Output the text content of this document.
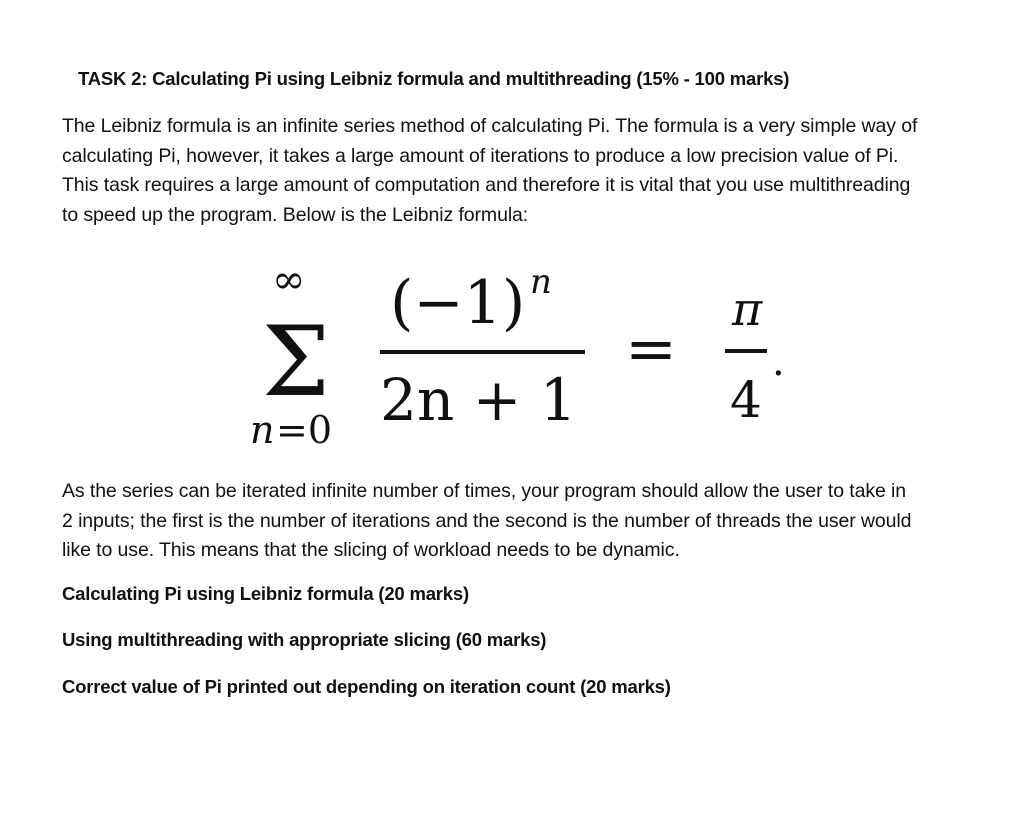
TASK 2: Calculating Pi using Leibniz formula and multithreading (15% - 100 marks)
The Leibniz formula is an infinite series method of calculating Pi. The formula is a very simple way of
calculating Pi, however, it takes a large amount of iterations to produce a low precision value of Pi.
This task requires a large amount of computation and therefore it is vital that you use multithreading
to speed up the program. Below is the Leibniz formula:
∞
Σ
n =0
(−1) n
2n + 1
=
π
4
.
As the series can be iterated infinite number of times, your program should allow the user to take in
2 inputs; the first is the number of iterations and the second is the number of threads the user would
like to use. This means that the slicing of workload needs to be dynamic.
Calculating Pi using Leibniz formula (20 marks)
Using multithreading with appropriate slicing (60 marks)
Correct value of Pi printed out depending on iteration count (20 marks)
